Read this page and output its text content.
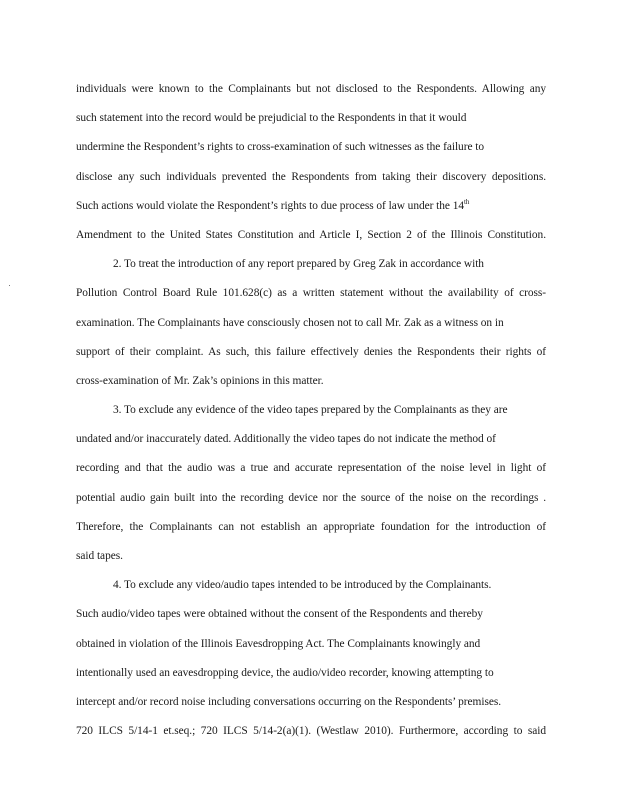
individuals were known to the Complainants but not disclosed to the Respondents. Allowing any
such statement into the record would be prejudicial to the Respondents in that it would
undermine the Respondent’s rights to cross-examination of such witnesses as the failure to
disclose any such individuals prevented the Respondents from taking their discovery depositions.
Such actions would violate the Respondent’s rights to due process of law under the 14th
Amendment to the United States Constitution and Article I, Section 2 of the Illinois Constitution.
2. To treat the introduction of any report prepared by Greg Zak in accordance with
Pollution Control Board Rule 101.628(c) as a written statement without the availability of cross-
examination. The Complainants have consciously chosen not to call Mr. Zak as a witness on in
support of their complaint. As such, this failure effectively denies the Respondents their rights of
cross-examination of Mr. Zak’s opinions in this matter.
3. To exclude any evidence of the video tapes prepared by the Complainants as they are
undated and/or inaccurately dated. Additionally the video tapes do not indicate the method of
recording and that the audio was a true and accurate representation of the noise level in light of
potential audio gain built into the recording device nor the source of the noise on the recordings .
Therefore, the Complainants can not establish an appropriate foundation for the introduction of
said tapes.
4. To exclude any video/audio tapes intended to be introduced by the Complainants.
Such audio/video tapes were obtained without the consent of the Respondents and thereby
obtained in violation of the Illinois Eavesdropping Act. The Complainants knowingly and
intentionally used an eavesdropping device, the audio/video recorder, knowing attempting to
intercept and/or record noise including conversations occurring on the Respondents’ premises.
720 ILCS 5/14-1 et.seq.; 720 ILCS 5/14-2(a)(1). (Westlaw 2010). Furthermore, according to said
